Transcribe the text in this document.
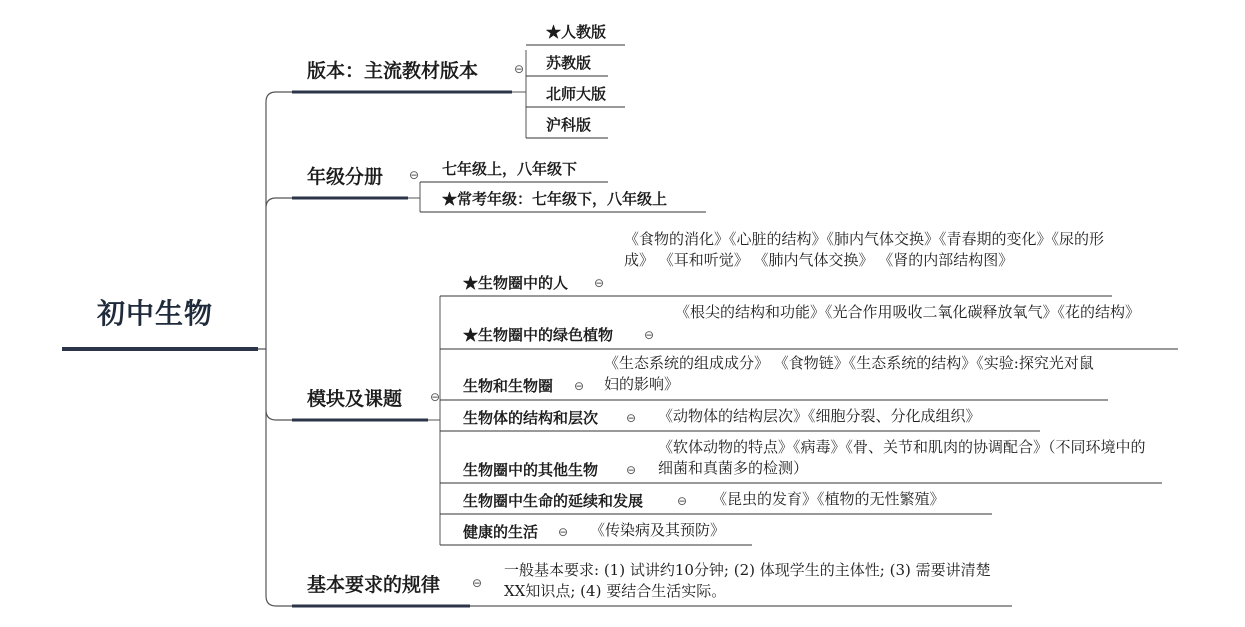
初中生物
版本：主流教材版本	⊖
★人教版
苏教版
北师大版
沪科版
年级分册 ⊖ 七年级上，八年级下
★常考年级：七年级下，八年级上
模块及课题 ⊖
★生物圈中的人 ⊖
《食物的消化》《心脏的结构》《肺内气体交换》《青春期的变化》《尿的形成》 《耳和听觉》 《肺内气体交换》 《肾的内部结构图》
★生物圈中的绿色植物	⊖
《根尖的结构和功能》《光合作用吸收二氧化碳释放氧气》《花的结构》
生物和生物圈 ⊖
《生态系统的组成成分》 《食物链》《生态系统的结构》《实验:探究光对鼠妇的影响》
生物体的结构和层次 ⊖ 《动物体的结构层次》《细胞分裂、分化成组织》
生物圈中的其他生物 ⊖
《软体动物的特点》《病毒》《骨、关节和肌肉的协调配合》（不同环境中的细菌和真菌多的检测）
生物圈中生命的延续和发展	⊖ 《昆虫的发育》《植物的无性繁殖》
健康的生活 ⊖ 《传染病及其预防》
基本要求的规律	⊖
一般基本要求: (1) 试讲约10分钟; (2) 体现学生的主体性; (3) 需要讲清楚XX知识点; (4) 要结合生活实际。
